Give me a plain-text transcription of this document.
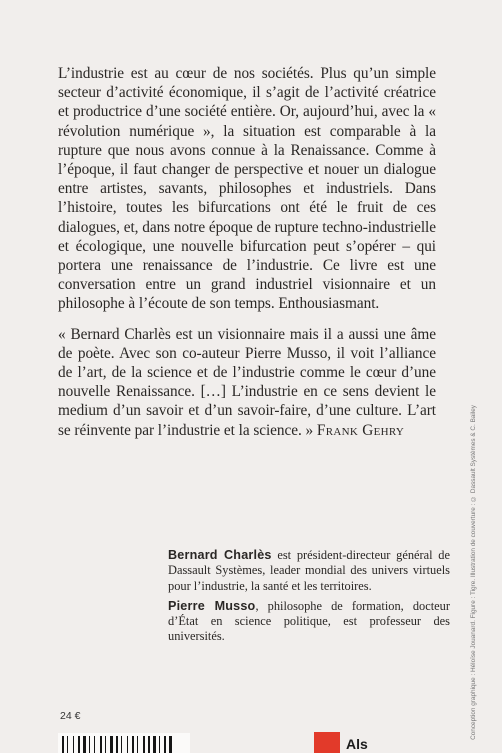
L’industrie est au cœur de nos sociétés. Plus qu’un simple secteur d’activité économique, il s’agit de l’activité créatrice et productrice d’une société entière. Or, aujourd’hui, avec la « révolution numérique », la situation est comparable à la rupture que nous avons connue à la Renaissance. Comme à l’époque, il faut changer de perspective et nouer un dialogue entre artistes, savants, philosophes et industriels. Dans l’histoire, toutes les bifurcations ont été le fruit de ces dialogues, et, dans notre époque de rupture techno-industrielle et écologique, une nouvelle bifurcation peut s’opérer – qui portera une renaissance de l’industrie. Ce livre est une conversation entre un grand industriel visionnaire et un philosophe à l’écoute de son temps. Enthousiasmant.

« Bernard Charlès est un visionnaire mais il a aussi une âme de poète. Avec son co-auteur Pierre Musso, il voit l’alliance de l’art, de la science et de l’industrie comme le cœur d’une nouvelle Renaissance. […] L’industrie en ce sens devient le medium d’un savoir et d’un savoir-faire, d’une culture. L’art se réinvente par l’industrie et la science. » Frank Gehry

Bernard Charlès est président-directeur général de Dassault Systèmes, leader mondial des univers virtuels pour l’industrie, la santé et les territoires.

Pierre Musso, philosophe de formation, docteur d’État en science politique, est professeur des universités.

24 €	Conception graphique : Héloïse Jouanard. Figure : Tigre. Illustration de couverture : © Dassault Systèmes & C. Bailey
Als
